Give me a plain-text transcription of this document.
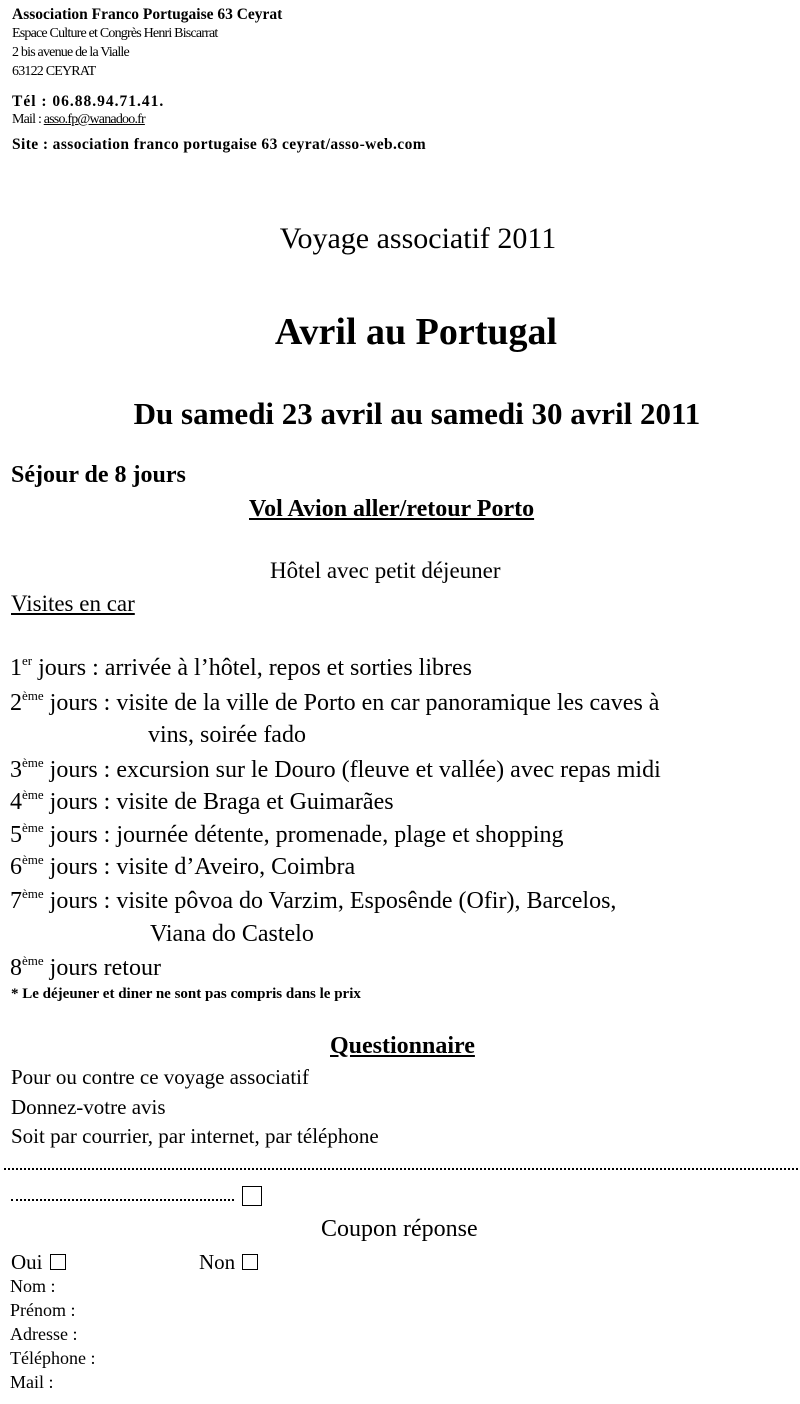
Association Franco Portugaise 63 Ceyrat
Espace Culture et Congrès Henri Biscarrat
2 bis avenue de la Vialle
63122 CEYRAT
Tél : 06.88.94.71.41.
Mail : asso.fp@wanadoo.fr
Site : association franco portugaise 63 ceyrat/asso-web.com
Voyage associatif 2011
Avril au Portugal
Du samedi 23 avril au samedi 30 avril 2011
Séjour de 8 jours
Vol Avion aller/retour Porto
Hôtel avec petit déjeuner
Visites en car
1er jours : arrivée à l’hôtel, repos et sorties libres
2ème jours : visite de la ville de Porto en car panoramique les caves à
vins, soirée fado
3ème jours : excursion sur le Douro (fleuve et vallée) avec repas midi
4ème jours : visite de Braga et Guimarães
5ème jours : journée détente, promenade, plage et shopping
6ème jours : visite d’Aveiro, Coimbra
7ème jours : visite pôvoa do Varzim, Esposênde (Ofir), Barcelos,
Viana do Castelo
8ème jours retour
* Le déjeuner et diner ne sont pas compris dans le prix
Questionnaire
Pour ou contre ce voyage associatif
Donnez-votre avis
Soit par courrier, par internet, par téléphone
Coupon réponse
Oui	Non
Nom :
Prénom :
Adresse :
Téléphone :
Mail :
